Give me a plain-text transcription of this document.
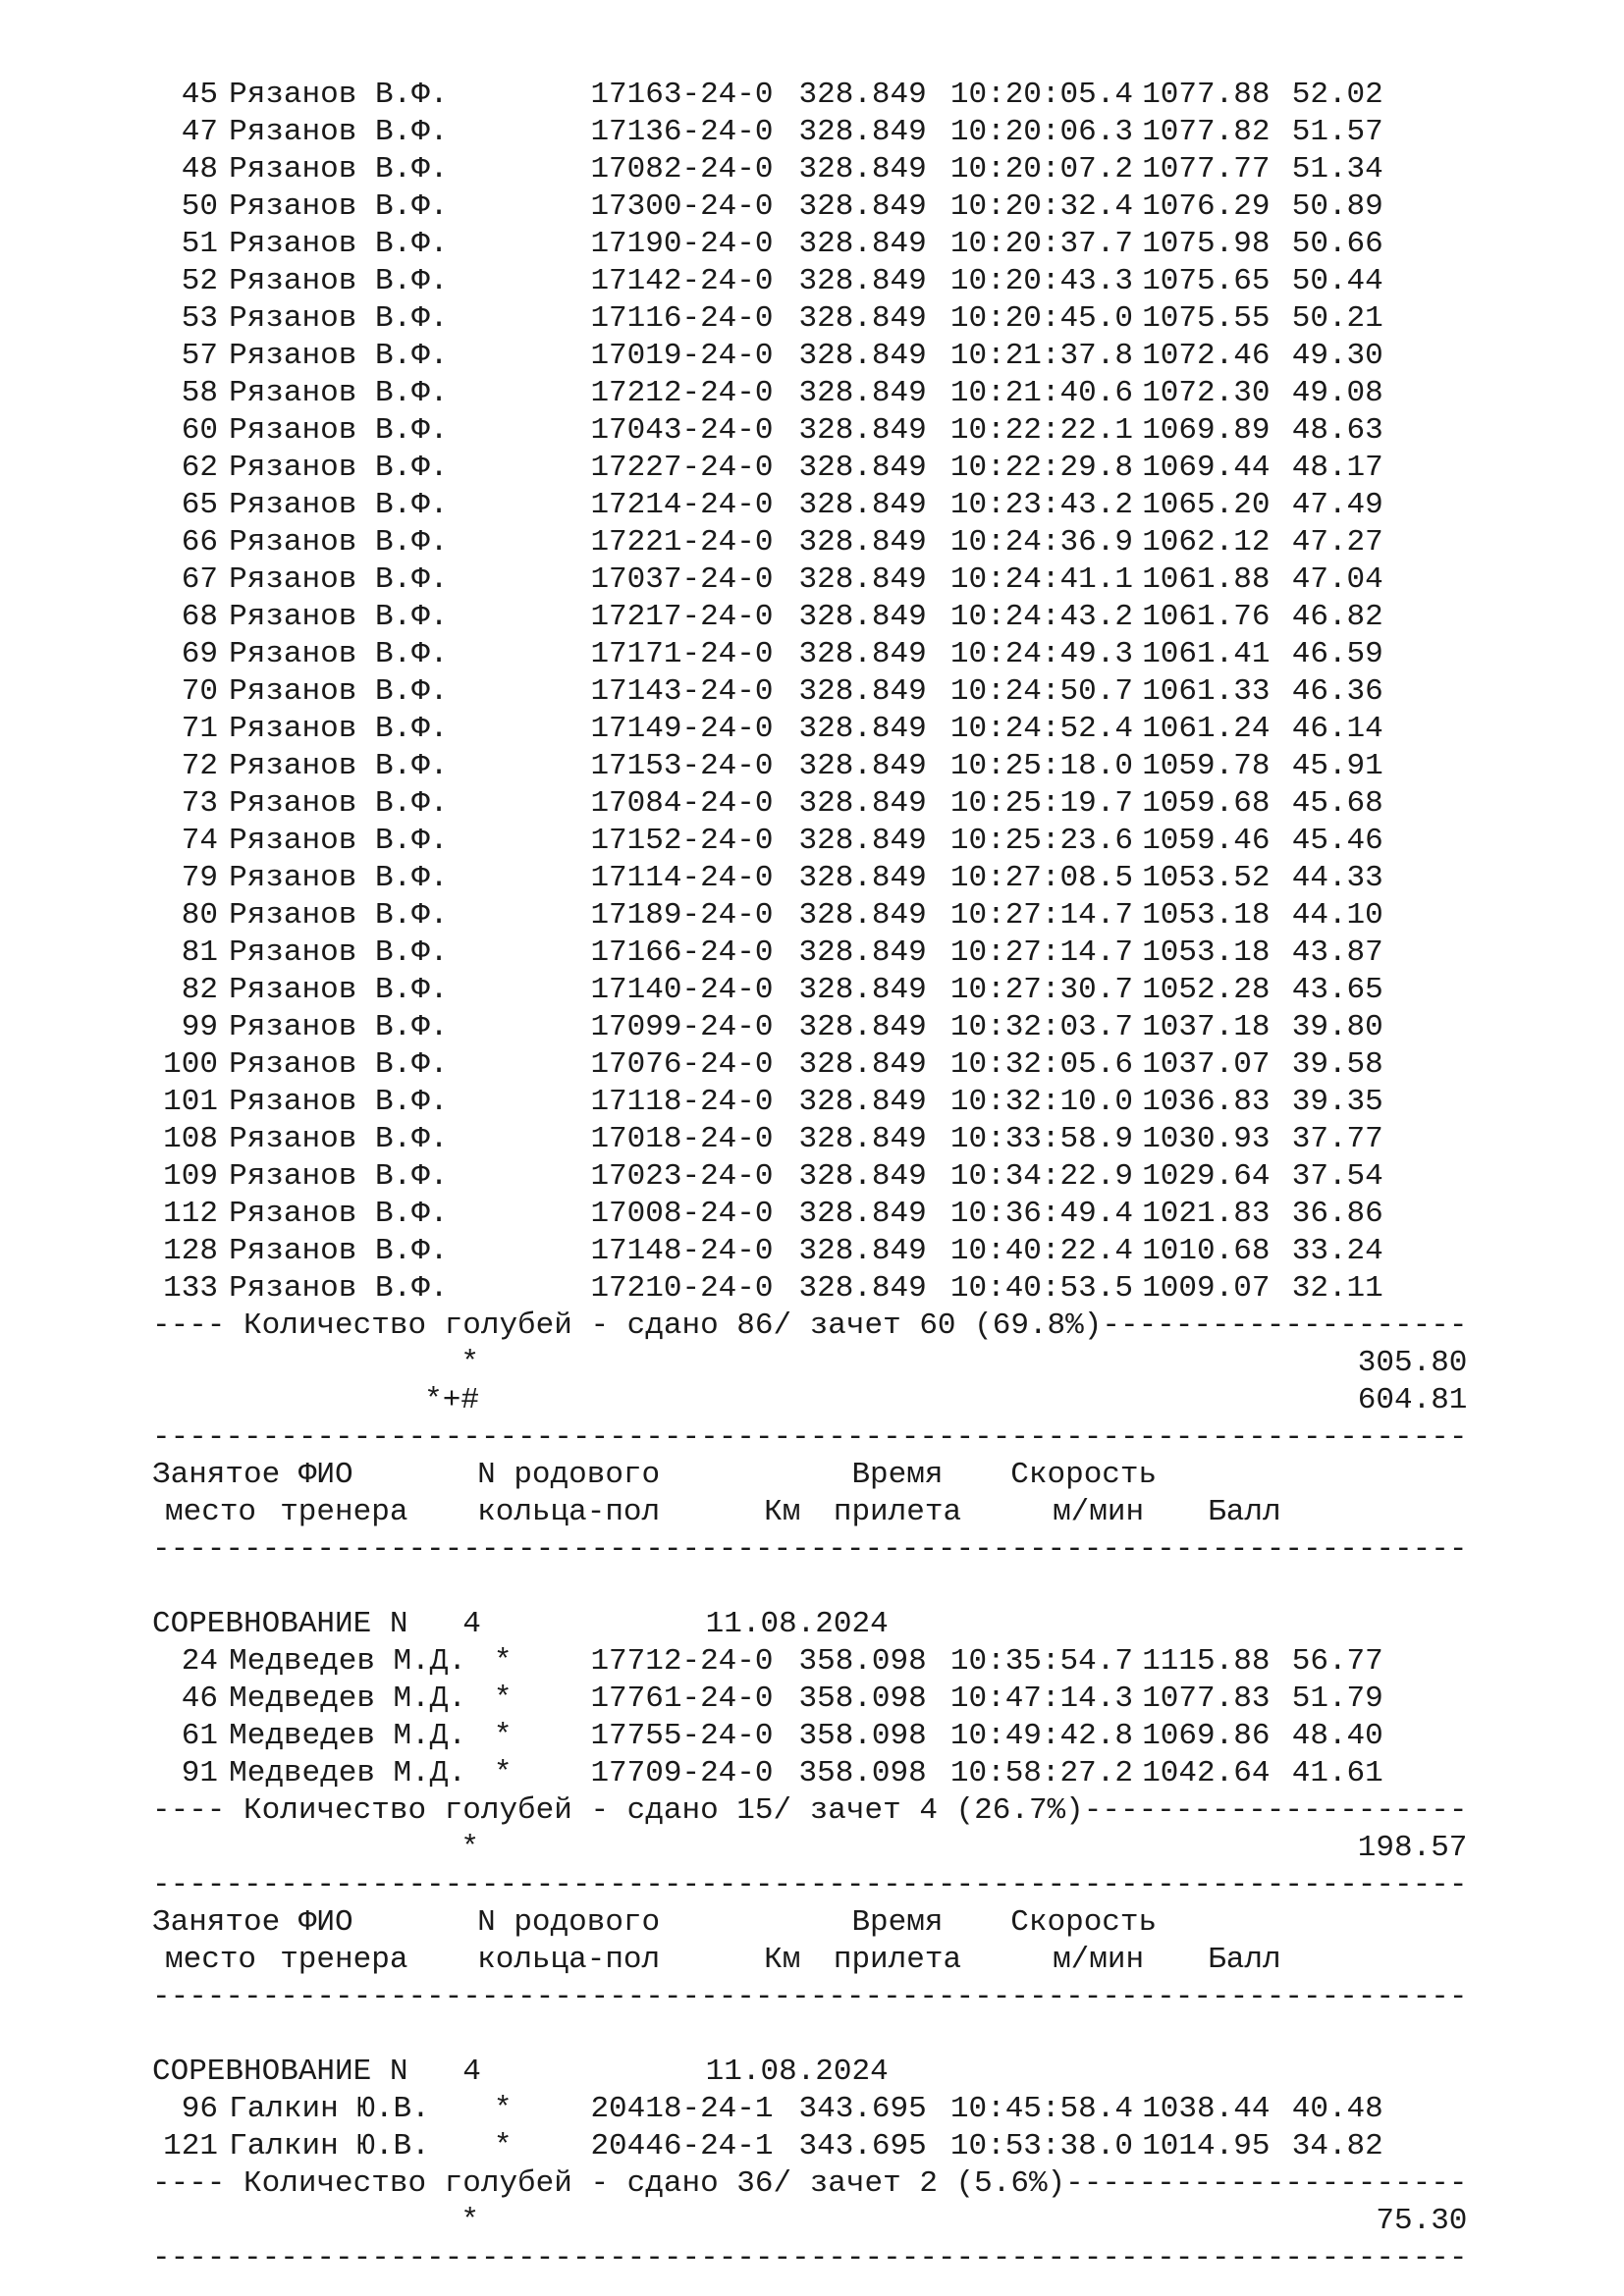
45 Рязанов В.Ф.	17163-24-0 328.849 10:20:05.4 1077.88 52.02
47 Рязанов В.Ф.	17136-24-0 328.849 10:20:06.3 1077.82 51.57
48 Рязанов В.Ф.	17082-24-0 328.849 10:20:07.2 1077.77 51.34
50 Рязанов В.Ф.	17300-24-0 328.849 10:20:32.4 1076.29 50.89
51 Рязанов В.Ф.	17190-24-0 328.849 10:20:37.7 1075.98 50.66
52 Рязанов В.Ф.	17142-24-0 328.849 10:20:43.3 1075.65 50.44
53 Рязанов В.Ф.	17116-24-0 328.849 10:20:45.0 1075.55 50.21
57 Рязанов В.Ф.	17019-24-0 328.849 10:21:37.8 1072.46 49.30
58 Рязанов В.Ф.	17212-24-0 328.849 10:21:40.6 1072.30 49.08
60 Рязанов В.Ф.	17043-24-0 328.849 10:22:22.1 1069.89 48.63
62 Рязанов В.Ф.	17227-24-0 328.849 10:22:29.8 1069.44 48.17
65 Рязанов В.Ф.	17214-24-0 328.849 10:23:43.2 1065.20 47.49
66 Рязанов В.Ф.	17221-24-0 328.849 10:24:36.9 1062.12 47.27
67 Рязанов В.Ф.	17037-24-0 328.849 10:24:41.1 1061.88 47.04
68 Рязанов В.Ф.	17217-24-0 328.849 10:24:43.2 1061.76 46.82
69 Рязанов В.Ф.	17171-24-0 328.849 10:24:49.3 1061.41 46.59
70 Рязанов В.Ф.	17143-24-0 328.849 10:24:50.7 1061.33 46.36
71 Рязанов В.Ф.	17149-24-0 328.849 10:24:52.4 1061.24 46.14
72 Рязанов В.Ф.	17153-24-0 328.849 10:25:18.0 1059.78 45.91
73 Рязанов В.Ф.	17084-24-0 328.849 10:25:19.7 1059.68 45.68
74 Рязанов В.Ф.	17152-24-0 328.849 10:25:23.6 1059.46 45.46
79 Рязанов В.Ф.	17114-24-0 328.849 10:27:08.5 1053.52 44.33
80 Рязанов В.Ф.	17189-24-0 328.849 10:27:14.7 1053.18 44.10
81 Рязанов В.Ф.	17166-24-0 328.849 10:27:14.7 1053.18 43.87
82 Рязанов В.Ф.	17140-24-0 328.849 10:27:30.7 1052.28 43.65
99 Рязанов В.Ф.	17099-24-0 328.849 10:32:03.7 1037.18 39.80
100 Рязанов В.Ф.	17076-24-0 328.849 10:32:05.6 1037.07 39.58
101 Рязанов В.Ф.	17118-24-0 328.849 10:32:10.0 1036.83 39.35
108 Рязанов В.Ф.	17018-24-0 328.849 10:33:58.9 1030.93 37.77
109 Рязанов В.Ф.	17023-24-0 328.849 10:34:22.9 1029.64 37.54
112 Рязанов В.Ф.	17008-24-0 328.849 10:36:49.4 1021.83 36.86
128 Рязанов В.Ф.	17148-24-0 328.849 10:40:22.4 1010.68 33.24
133 Рязанов В.Ф.	17210-24-0 328.849 10:40:53.5 1009.07 32.11
---- Количество голубей - сдано 86/ зачет 60 (69.8%)--------------------
*	305.80
*+#	604.81
------------------------------------------------------------------------
Занятое ФИО	N родового	Время Скорость
место тренера кольца-пол	Км прилета	м/мин Балл
------------------------------------------------------------------------
СОРЕВНОВАНИЕ N   4	11.08.2024
24 Медведев М.Д. *	17712-24-0 358.098 10:35:54.7 1115.88 56.77
46 Медведев М.Д. *	17761-24-0 358.098 10:47:14.3 1077.83 51.79
61 Медведев М.Д. *	17755-24-0 358.098 10:49:42.8 1069.86 48.40
91 Медведев М.Д. *	17709-24-0 358.098 10:58:27.2 1042.64 41.61
---- Количество голубей - сдано 15/ зачет 4 (26.7%)---------------------
*	198.57
------------------------------------------------------------------------
Занятое ФИО	N родового	Время Скорость
место тренера кольца-пол	Км прилета	м/мин Балл
------------------------------------------------------------------------
СОРЕВНОВАНИЕ N   4	11.08.2024
96 Галкин Ю.В. *	20418-24-1 343.695 10:45:58.4 1038.44 40.48
121 Галкин Ю.В. *	20446-24-1 343.695 10:53:38.0 1014.95 34.82
---- Количество голубей - сдано 36/ зачет 2 (5.6%)----------------------
*	75.30
------------------------------------------------------------------------
